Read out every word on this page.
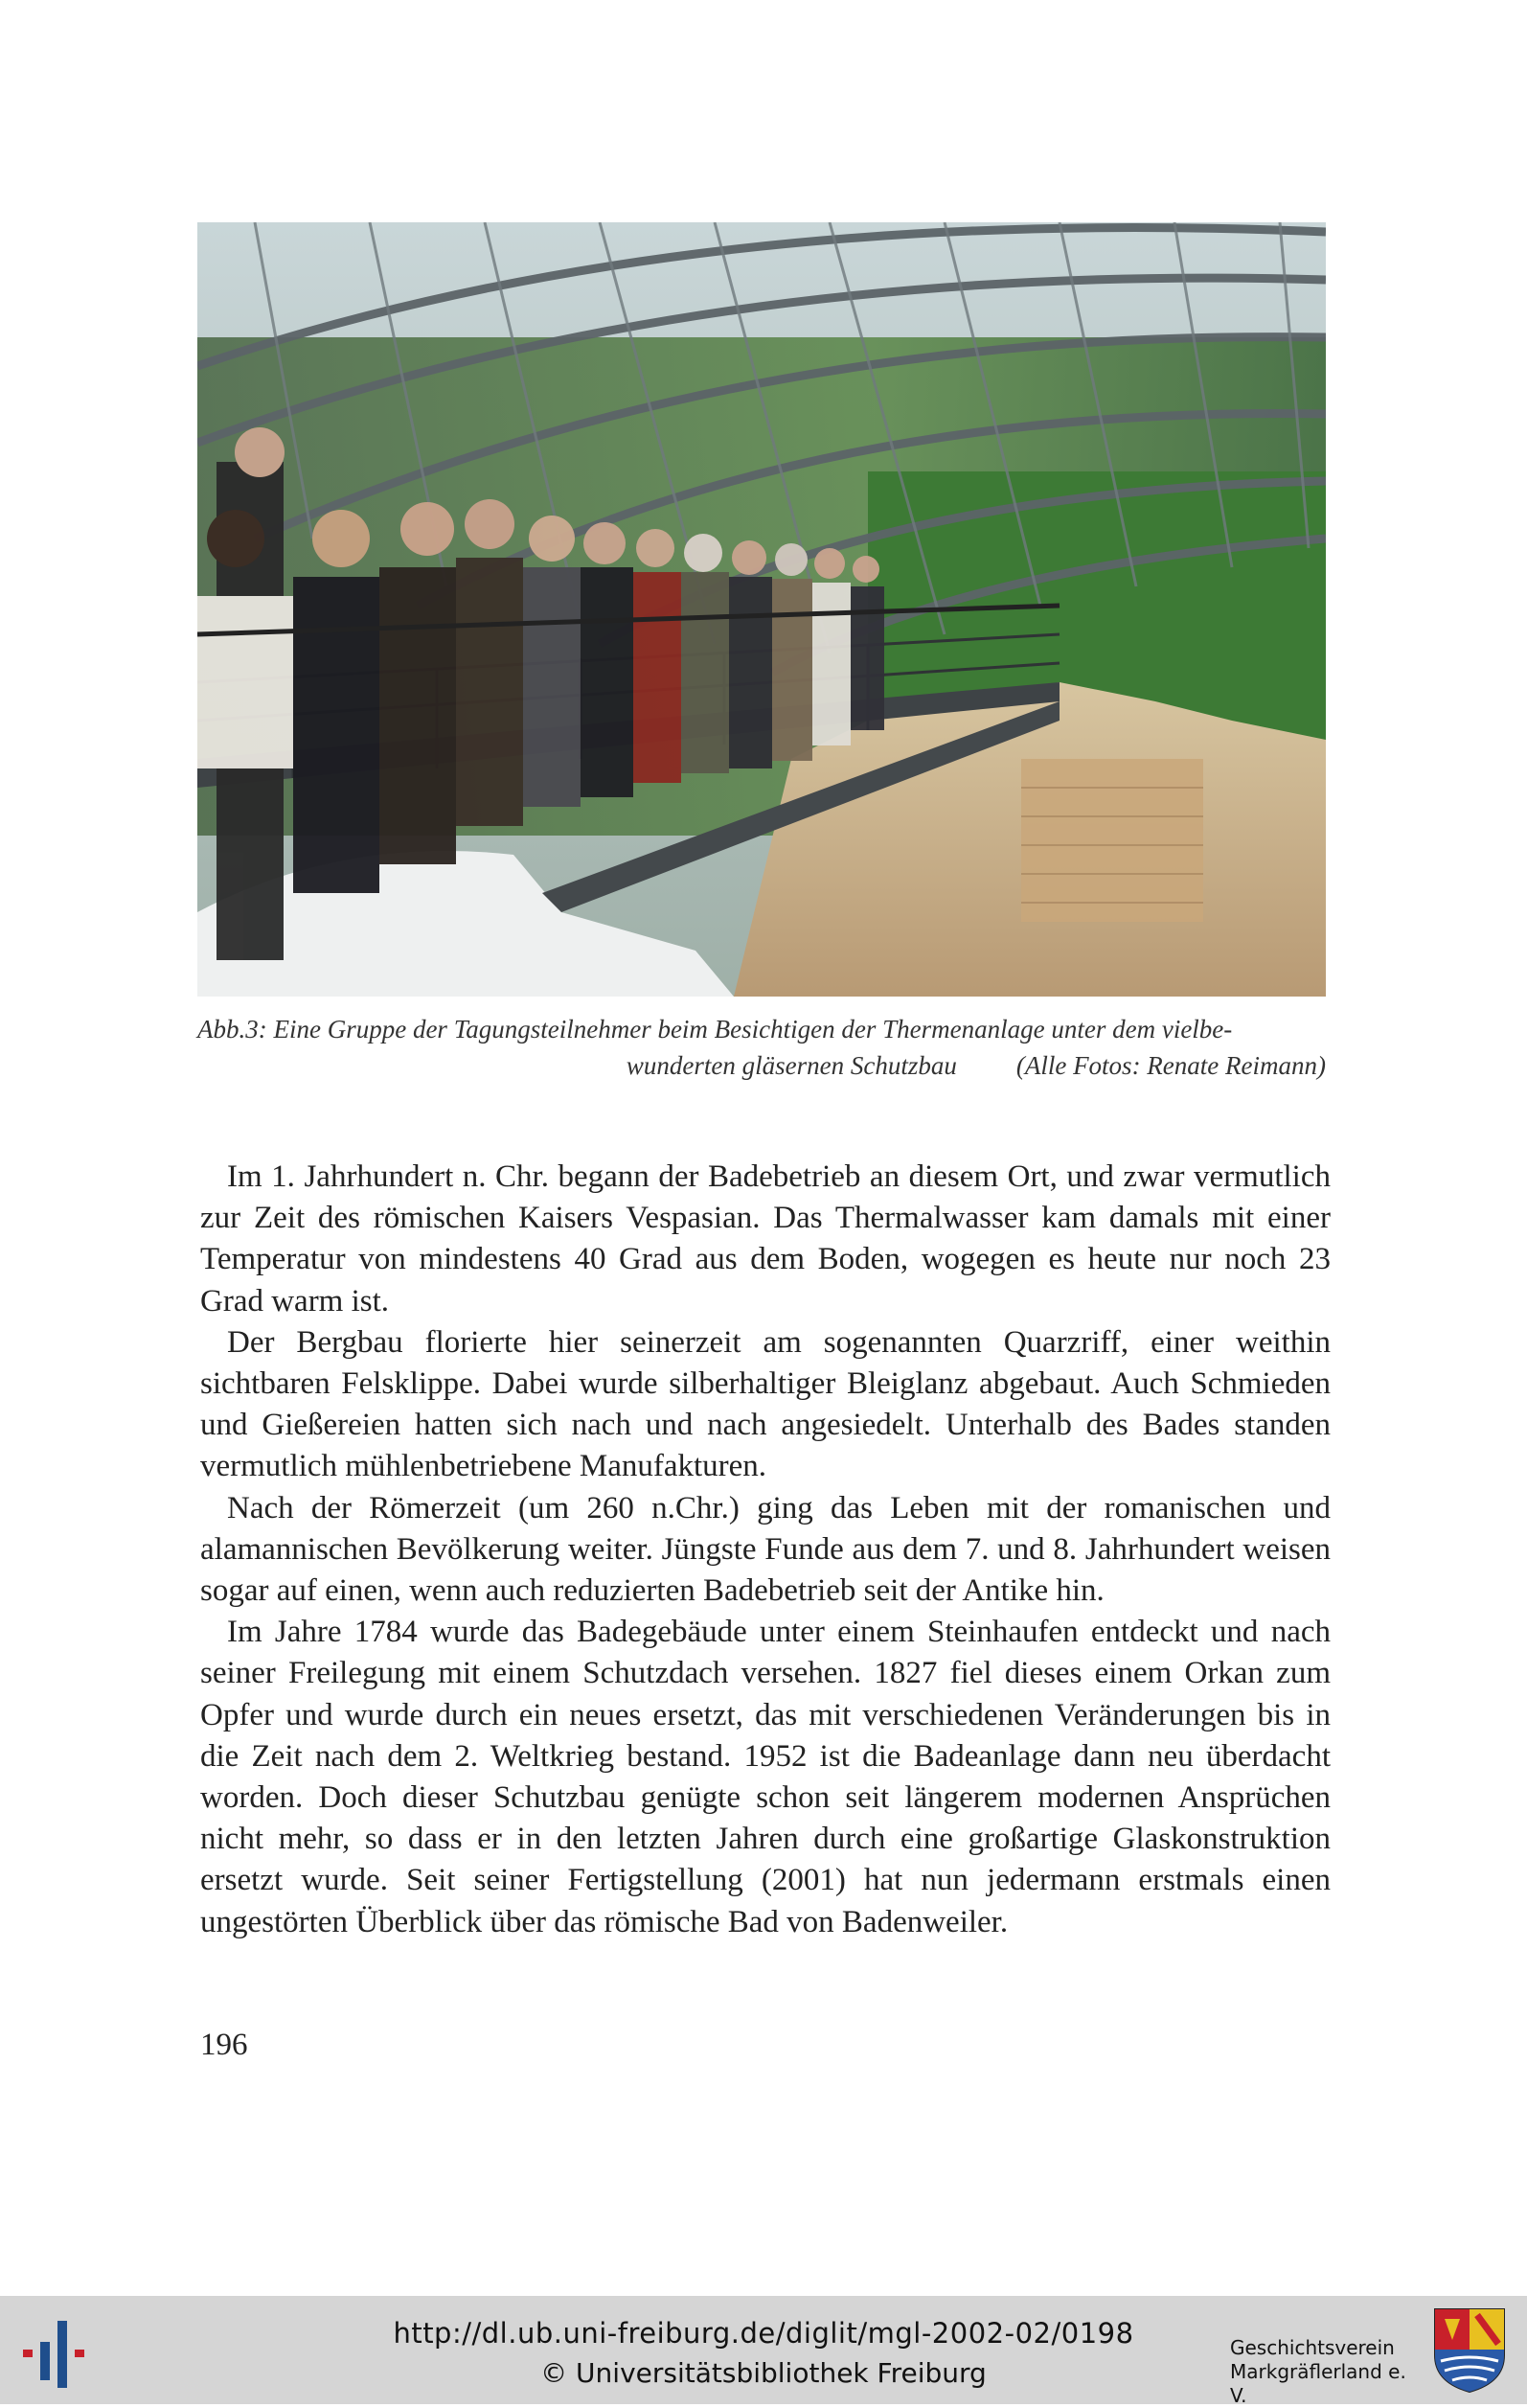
Abb.3: Eine Gruppe der Tagungsteilnehmer beim Besichtigen der Thermenanlage unter dem vielbe-
wunderten gläsernen Schutzbau (Alle Fotos: Renate Reimann)

Im 1. Jahrhundert n. Chr. begann der Badebetrieb an diesem Ort, und zwar vermutlich zur Zeit des römischen Kaisers Vespasian. Das Thermalwasser kam damals mit einer Temperatur von mindestens 40 Grad aus dem Boden, wogegen es heute nur noch 23 Grad warm ist.

Der Bergbau florierte hier seinerzeit am sogenannten Quarzriff, einer weithin sichtbaren Felsklippe. Dabei wurde silberhaltiger Bleiglanz abgebaut. Auch Schmieden und Gießereien hatten sich nach und nach angesiedelt. Unterhalb des Bades standen vermutlich mühlenbetriebene Manufakturen.

Nach der Römerzeit (um 260 n.Chr.) ging das Leben mit der romanischen und alamannischen Bevölkerung weiter. Jüngste Funde aus dem 7. und 8. Jahrhundert weisen sogar auf einen, wenn auch reduzierten Badebetrieb seit der Antike hin.

Im Jahre 1784 wurde das Badegebäude unter einem Steinhaufen entdeckt und nach seiner Freilegung mit einem Schutzdach versehen. 1827 fiel dieses einem Orkan zum Opfer und wurde durch ein neues ersetzt, das mit verschiedenen Veränderungen bis in die Zeit nach dem 2. Weltkrieg bestand. 1952 ist die Badeanlage dann neu überdacht worden. Doch dieser Schutzbau genügte schon seit längerem modernen Ansprüchen nicht mehr, so dass er in den letzten Jahren durch eine großartige Glaskonstruktion ersetzt wurde. Seit seiner Fertigstellung (2001) hat nun jedermann erstmals einen ungestörten Überblick über das römische Bad von Badenweiler.

196
http://dl.ub.uni-freiburg.de/diglit/mgl-2002-02/0198
© Universitätsbibliothek Freiburg
Geschichtsverein
Markgräflerland e. V.
